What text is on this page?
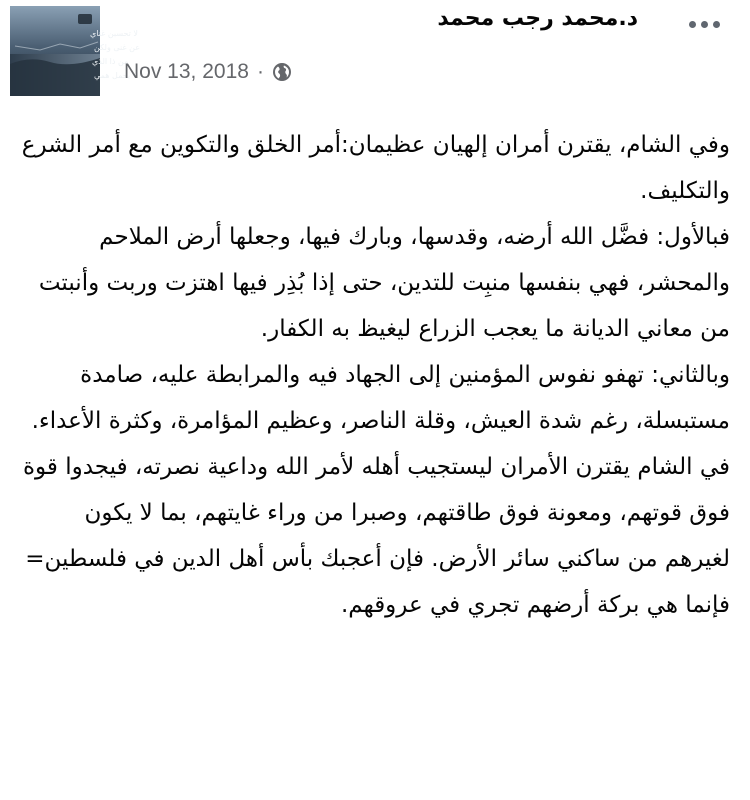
لا تحسبن غناي
عن غنى ولكن
من ذا الذي
يحمل همي
د.محمد رجب محمد
Nov 13, 2018 ·

وفي الشام، يقترن أمران إلهيان عظيمان:أمر الخلق والتكوين مع أمر الشرع والتكليف.

فبالأول: فضَّل الله أرضه، وقدسها، وبارك فيها، وجعلها أرض الملاحم والمحشر، فهي بنفسها منبِت للتدين، حتى إذا بُذِر فيها اهتزت وربت وأنبتت من معاني الديانة ما يعجب الزراع ليغيظ به الكفار.

وبالثاني: تهفو نفوس المؤمنين إلى الجهاد فيه والمرابطة عليه، صامدة مستبسلة، رغم شدة العيش، وقلة الناصر، وعظيم المؤامرة، وكثرة الأعداء.

في الشام يقترن الأمران ليستجيب أهله لأمر الله وداعية نصرته، فيجدوا قوة فوق قوتهم، ومعونة فوق طاقتهم، وصبرا من وراء غايتهم، بما لا يكون لغيرهم من ساكني سائر الأرض. فإن أعجبك بأس أهل الدين في فلسطين= فإنما هي بركة أرضهم تجري في عروقهم.
